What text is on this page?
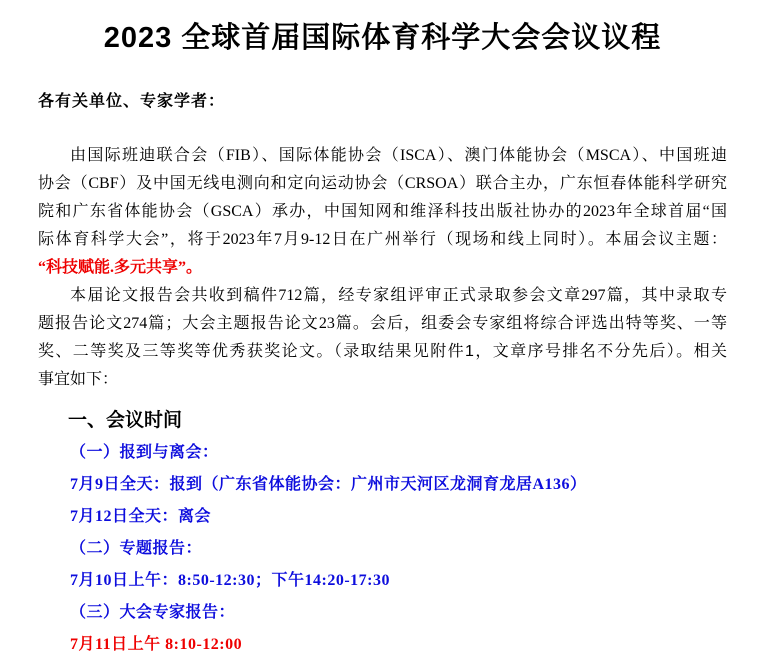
2023 全球首届国际体育科学大会会议议程

各有关单位、专家学者：

由国际班迪联合会（FIB）、国际体能协会（ISCA）、澳门体能协会（MSCA）、中国班迪
协会（CBF）及中国无线电测向和定向运动协会（CRSOA）联合主办，广东恒春体能科学研究
院和广东省体能协会（GSCA）承办，中国知网和维泽科技出版社协办的2023年全球首届“国
际体育科学大会”，将于2023年7月9-12日在广州举行（现场和线上同时）。本届会议主题：
“科技赋能.多元共享”。
本届论文报告会共收到稿件712篇，经专家组评审正式录取参会文章297篇，其中录取专
题报告论文274篇；大会主题报告论文23篇。会后，组委会专家组将综合评选出特等奖、一等
奖、二等奖及三等奖等优秀获奖论文。（录取结果见附件1，文章序号排名不分先后）。相关
事宜如下：
一、会议时间
（一）报到与离会：
7月9日全天：报到（广东省体能协会：广州市天河区龙洞育龙居A136）
7月12日全天：离会
（二）专题报告：
7月10日上午：8:50-12:30；下午14:20-17:30
（三）大会专家报告：
7月11日上午 8:10-12:00
